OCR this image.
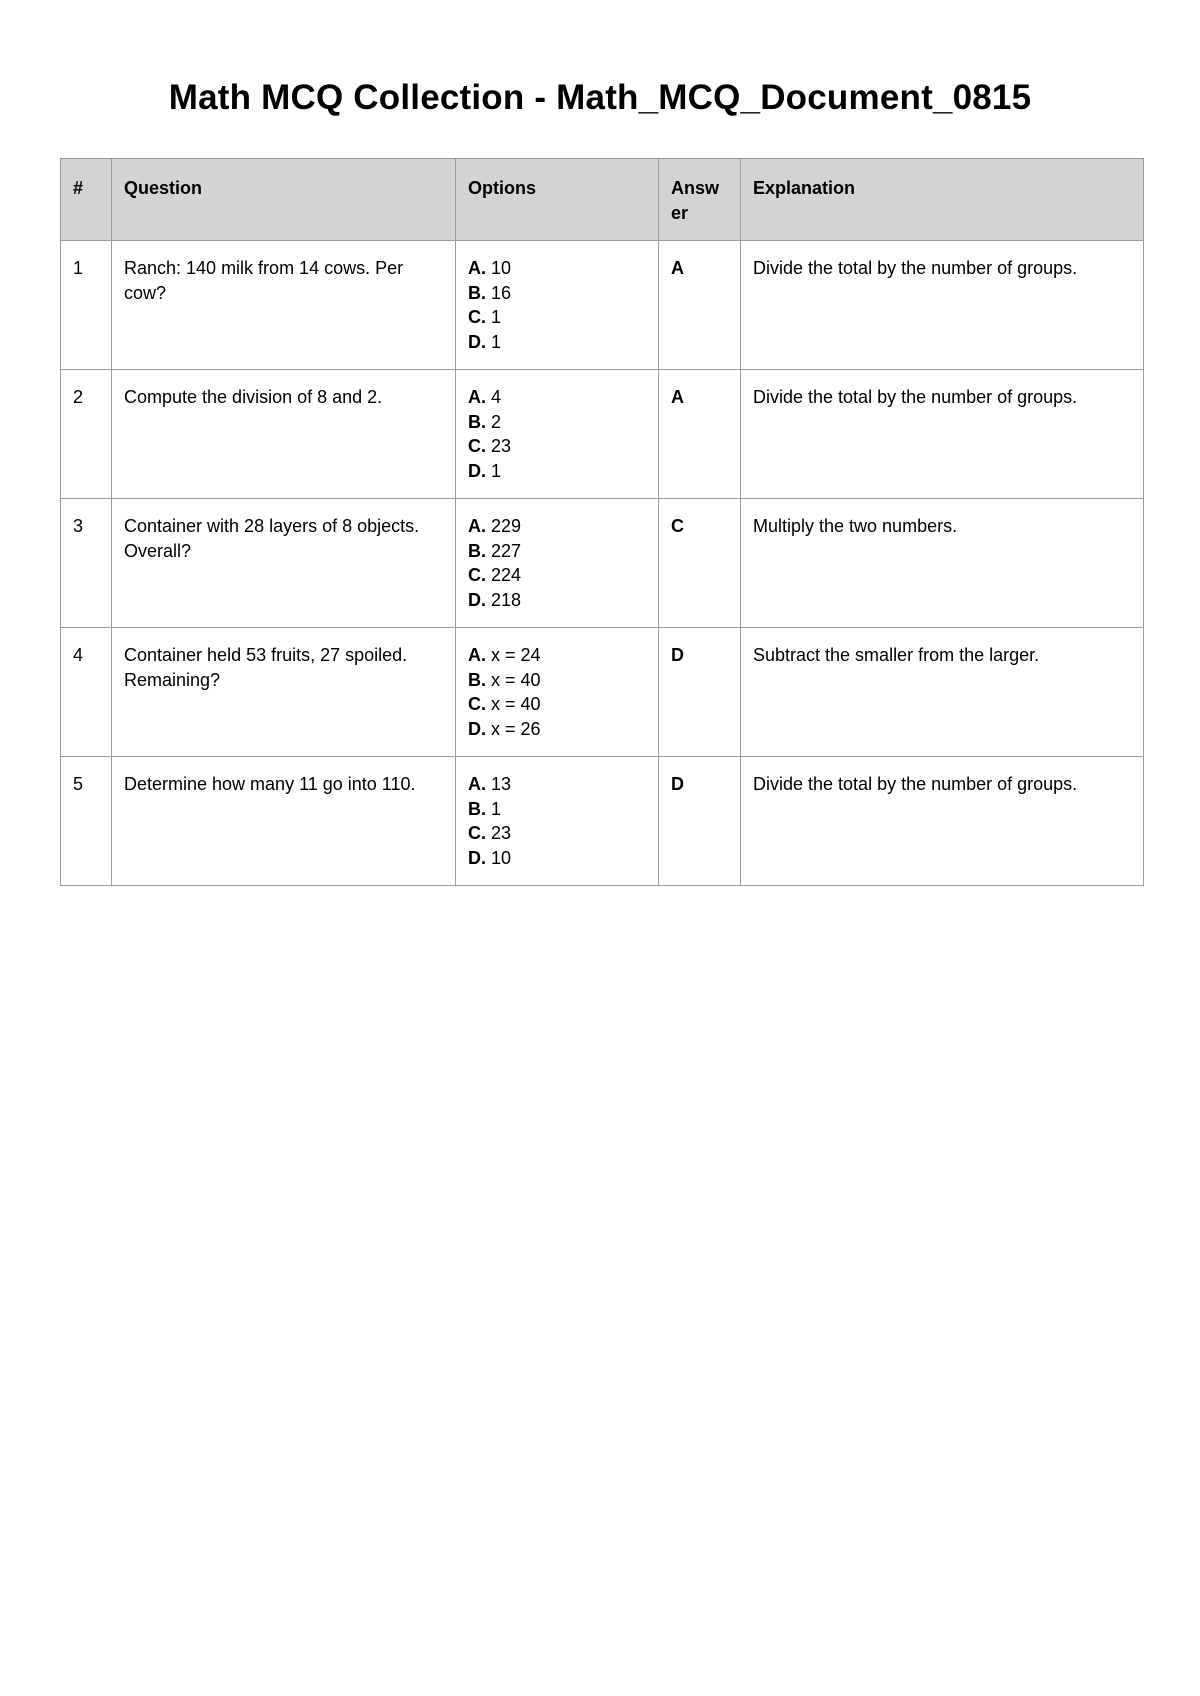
Math MCQ Collection - Math_MCQ_Document_0815
#	Question	Options	Answer	Explanation
1	Ranch: 140 milk from 14 cows. Per cow?	A. 10
B. 16
C. 1
D. 1	A	Divide the total by the number of groups.
2	Compute the division of 8 and 2.	A. 4
B. 2
C. 23
D. 1	A	Divide the total by the number of groups.
3	Container with 28 layers of 8 objects. Overall?	A. 229
B. 227
C. 224
D. 218	C	Multiply the two numbers.
4	Container held 53 fruits, 27 spoiled. Remaining?	A. x = 24
B. x = 40
C. x = 40
D. x = 26	D	Subtract the smaller from the larger.
5	Determine how many 11 go into 110.	A. 13
B. 1
C. 23
D. 10	D	Divide the total by the number of groups.
